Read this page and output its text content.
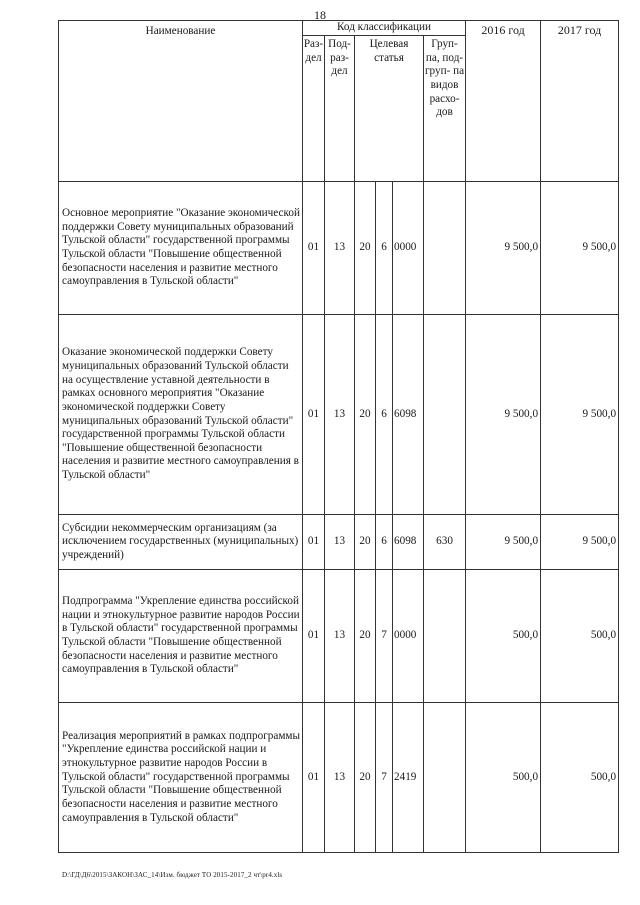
18
Наименование	Код классификации						2016 год	2017 год
	Раз- дел	Под- раз- дел	Целевая статья			Груп- па, под- груп- па видов расхо- дов		
Основное мероприятие "Оказание экономической поддержки Совету муниципальных образований Тульской области" государственной программы Тульской области "Повышение общественной безопасности населения и развитие местного самоуправления в Тульской области"	01	13	20	6	0000		9 500,0	9 500,0
Оказание экономической поддержки Совету муниципальных образований Тульской области на осуществление уставной деятельности в рамках основного мероприятия "Оказание экономической поддержки Совету муниципальных образований Тульской области" государственной программы Тульской области "Повышение общественной безопасности населения и развитие местного самоуправления в Тульской области"	01	13	20	6	6098		9 500,0	9 500,0
Субсидии некоммерческим организациям (за исключением государственных (муниципальных) учреждений)	01	13	20	6	6098	630	9 500,0	9 500,0
Подпрограмма "Укрепление единства российской нации и этнокультурное развитие народов России в Тульской области" государственной программы Тульской области "Повышение общественной безопасности населения и развитие местного самоуправления в Тульской области"	01	13	20	7	0000		500,0	500,0
Реализация мероприятий в рамках подпрограммы "Укрепление единства российской нации и этнокультурное развитие народов России в Тульской области" государственной программы Тульской области "Повышение общественной безопасности населения и развитие местного самоуправления в Тульской области"	01	13	20	7	2419		500,0	500,0
D:\ГД\Д6\2015\ЗАКОН\ЗАС_14\Изм. бюджет ТО 2015-2017_2 чт\pr4.xls
